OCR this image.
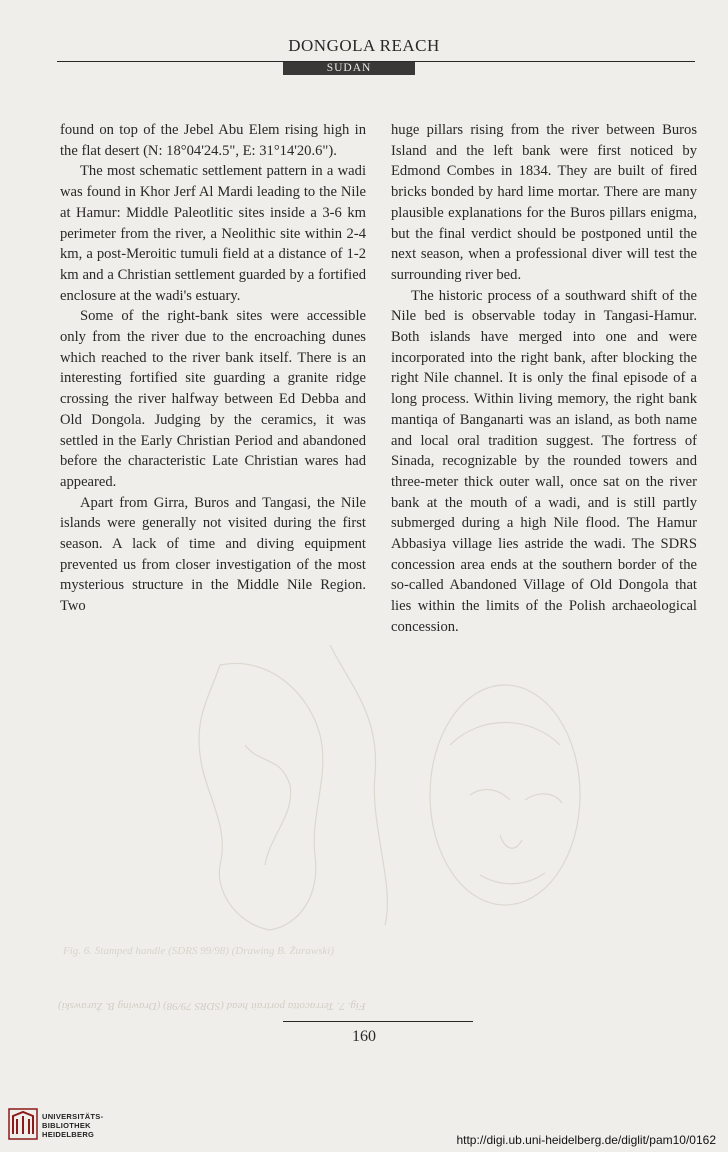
DONGOLA REACH
SUDAN
Fig. 7. Terracotta portrait head (SDRS 79/98) (Drawing B. Żurawski)
Fig. 6. Stamped handle (SDRS 99/98) (Drawing B. Żurawski)

found on top of the Jebel Abu Elem rising high in the flat desert (N: 18°04'24.5", E: 31°14'20.6").

The most schematic settlement pattern in a wadi was found in Khor Jerf Al Mardi leading to the Nile at Hamur: Middle Paleotlitic sites inside a 3-6 km perimeter from the river, a Neolithic site within 2-4 km, a post-Meroitic tumuli field at a distance of 1-2 km and a Christian settlement guarded by a fortified enclosure at the wadi's estuary.

Some of the right-bank sites were accessible only from the river due to the encroaching dunes which reached to the river bank itself. There is an interesting fortified site guarding a granite ridge crossing the river halfway between Ed Debba and Old Dongola. Judging by the ceramics, it was settled in the Early Christian Period and abandoned before the characteristic Late Christian wares had appeared.

Apart from Girra, Buros and Tangasi, the Nile islands were generally not visited during the first season. A lack of time and diving equipment prevented us from closer investigation of the most mysterious structure in the Middle Nile Region. Two

huge pillars rising from the river between Buros Island and the left bank were first noticed by Edmond Combes in 1834. They are built of fired bricks bonded by hard lime mortar. There are many plausible explanations for the Buros pillars enigma, but the final verdict should be postponed until the next season, when a professional diver will test the surrounding river bed.

The historic process of a southward shift of the Nile bed is observable today in Tangasi-Hamur. Both islands have merged into one and were incorporated into the right bank, after blocking the right Nile channel. It is only the final episode of a long process. Within living memory, the right bank mantiqa of Banganarti was an island, as both name and local oral tradition suggest. The fortress of Sinada, recognizable by the rounded towers and three-meter thick outer wall, once sat on the river bank at the mouth of a wadi, and is still partly submerged during a high Nile flood. The Hamur Abbasiya village lies astride the wadi. The SDRS concession area ends at the southern border of the so-called Abandoned Village of Old Dongola that lies within the limits of the Polish archaeological concession.

160
UNIVERSITÄTS-
BIBLIOTHEK
HEIDELBERG	http://digi.ub.uni-heidelberg.de/diglit/pam10/0162
